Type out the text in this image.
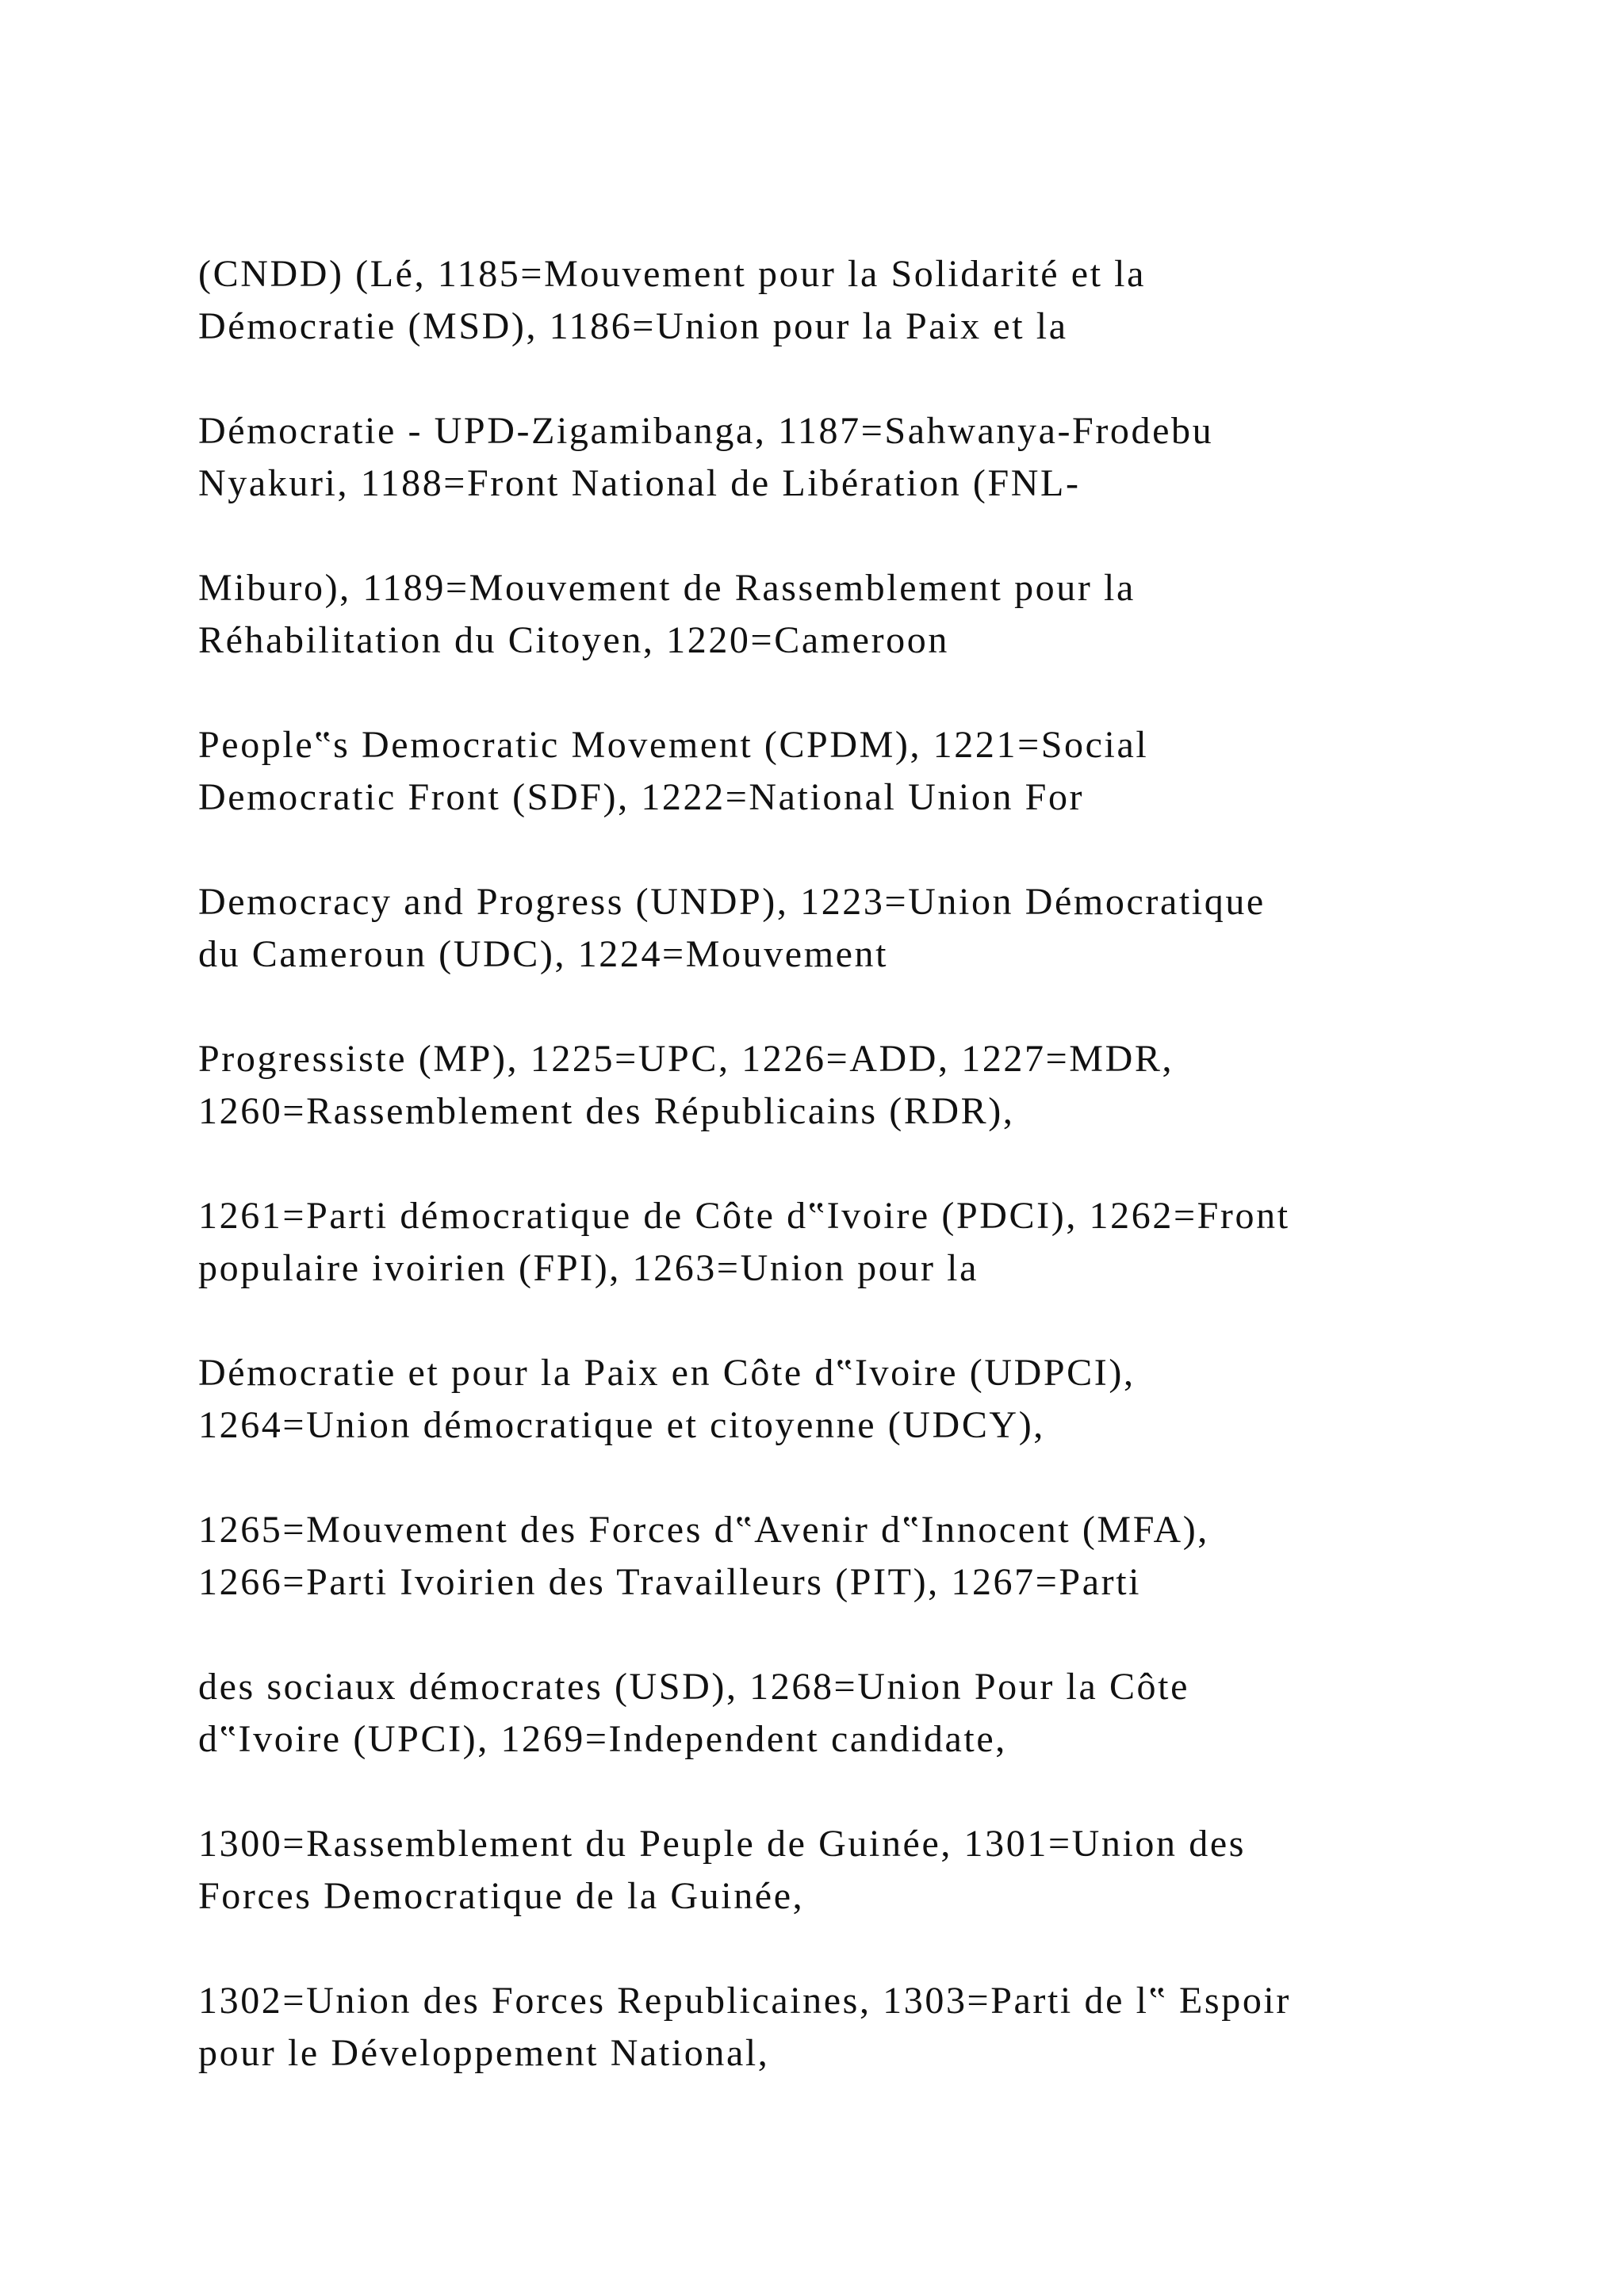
(CNDD) (Lé, 1185=Mouvement pour la Solidarité et la
Démocratie (MSD), 1186=Union pour la Paix et la

Démocratie - UPD-Zigamibanga, 1187=Sahwanya-Frodebu
Nyakuri, 1188=Front National de Libération (FNL-

Miburo), 1189=Mouvement de Rassemblement pour la
Réhabilitation du Citoyen, 1220=Cameroon

People‟s Democratic Movement (CPDM), 1221=Social
Democratic Front (SDF), 1222=National Union For

Democracy and Progress (UNDP), 1223=Union Démocratique
du Cameroun (UDC), 1224=Mouvement

Progressiste (MP), 1225=UPC, 1226=ADD, 1227=MDR,
1260=Rassemblement des Républicains (RDR),

1261=Parti démocratique de Côte d‟Ivoire (PDCI), 1262=Front
populaire ivoirien (FPI), 1263=Union pour la

Démocratie et pour la Paix en Côte d‟Ivoire (UDPCI),
1264=Union démocratique et citoyenne (UDCY),

1265=Mouvement des Forces d‟Avenir d‟Innocent (MFA),
1266=Parti Ivoirien des Travailleurs (PIT), 1267=Parti

des sociaux démocrates (USD), 1268=Union Pour la Côte
d‟Ivoire (UPCI), 1269=Independent candidate,

1300=Rassemblement du Peuple de Guinée, 1301=Union des
Forces Democratique de la Guinée,

1302=Union des Forces Republicaines, 1303=Parti de l‟ Espoir
pour le Développement National,
